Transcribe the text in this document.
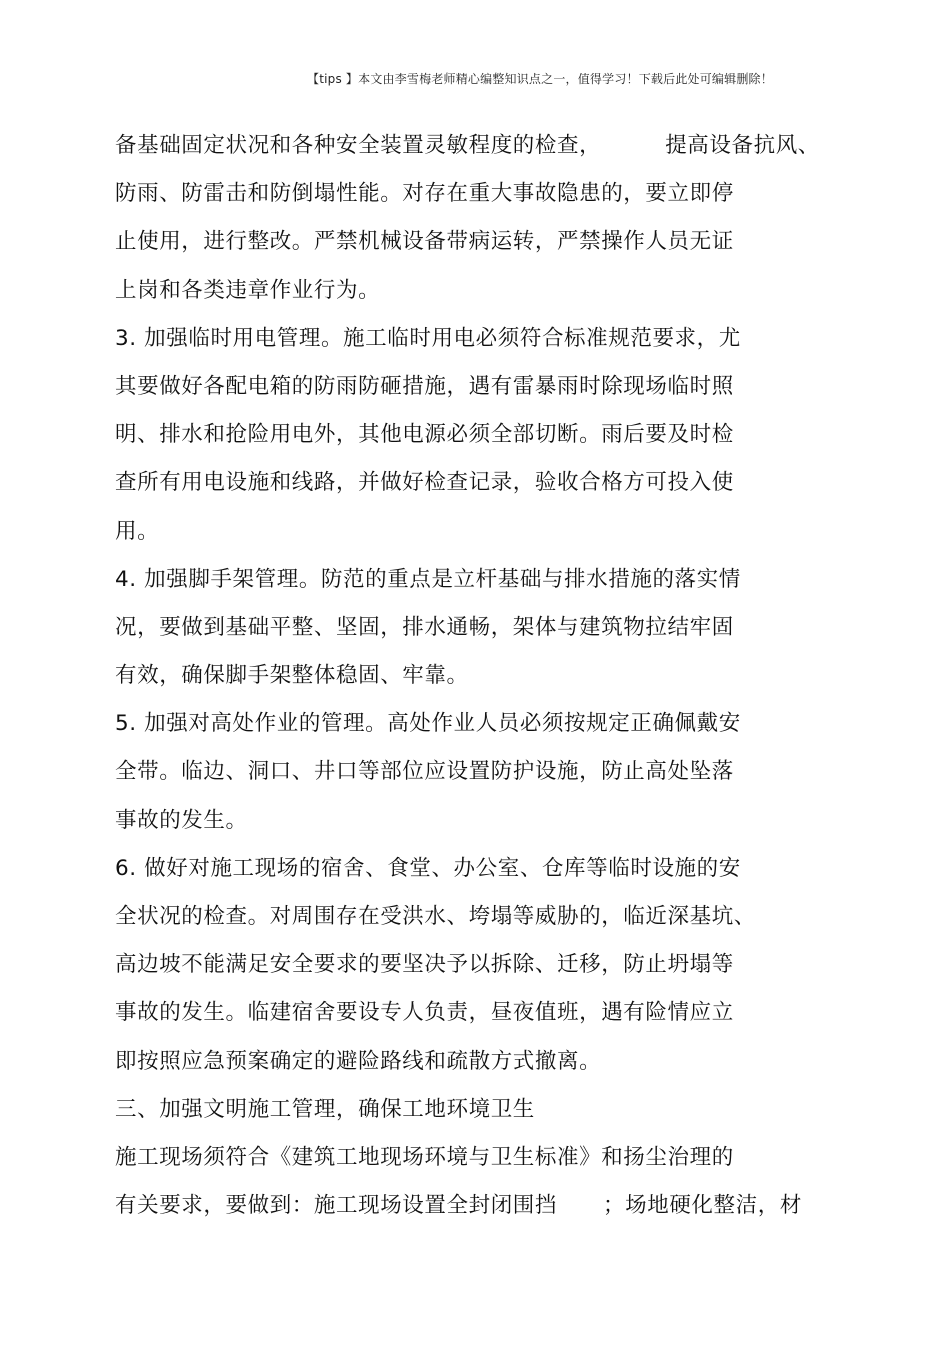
【tips 】本文由李雪梅老师精心编整知识点之一，值得学习！下载后此处可编辑删除！
备基础固定状况和各种安全装置灵敏程度的检查，	提高设备抗风、
防雨、防雷击和防倒塌性能。对存在重大事故隐患的，要立即停
止使用，进行整改。严禁机械设备带病运转，严禁操作人员无证
上岗和各类违章作业行为。
3. 加强临时用电管理。施工临时用电必须符合标准规范要求，尤
其要做好各配电箱的防雨防砸措施，遇有雷暴雨时除现场临时照
明、排水和抢险用电外，其他电源必须全部切断。雨后要及时检
查所有用电设施和线路，并做好检查记录，验收合格方可投入使
用。
4. 加强脚手架管理。防范的重点是立杆基础与排水措施的落实情
况，要做到基础平整、坚固，排水通畅，架体与建筑物拉结牢固
有效，确保脚手架整体稳固、牢靠。
5. 加强对高处作业的管理。高处作业人员必须按规定正确佩戴安
全带。临边、洞口、井口等部位应设置防护设施，防止高处坠落
事故的发生。
6. 做好对施工现场的宿舍、食堂、办公室、仓库等临时设施的安
全状况的检查。对周围存在受洪水、垮塌等威胁的，临近深基坑、
高边坡不能满足安全要求的要坚决予以拆除、迁移，防止坍塌等
事故的发生。临建宿舍要设专人负责，昼夜值班，遇有险情应立
即按照应急预案确定的避险路线和疏散方式撤离。
三、加强文明施工管理，确保工地环境卫生
施工现场须符合《建筑工地现场环境与卫生标准》和扬尘治理的
有关要求，要做到：施工现场设置全封闭围挡 ；场地硬化整洁，材
